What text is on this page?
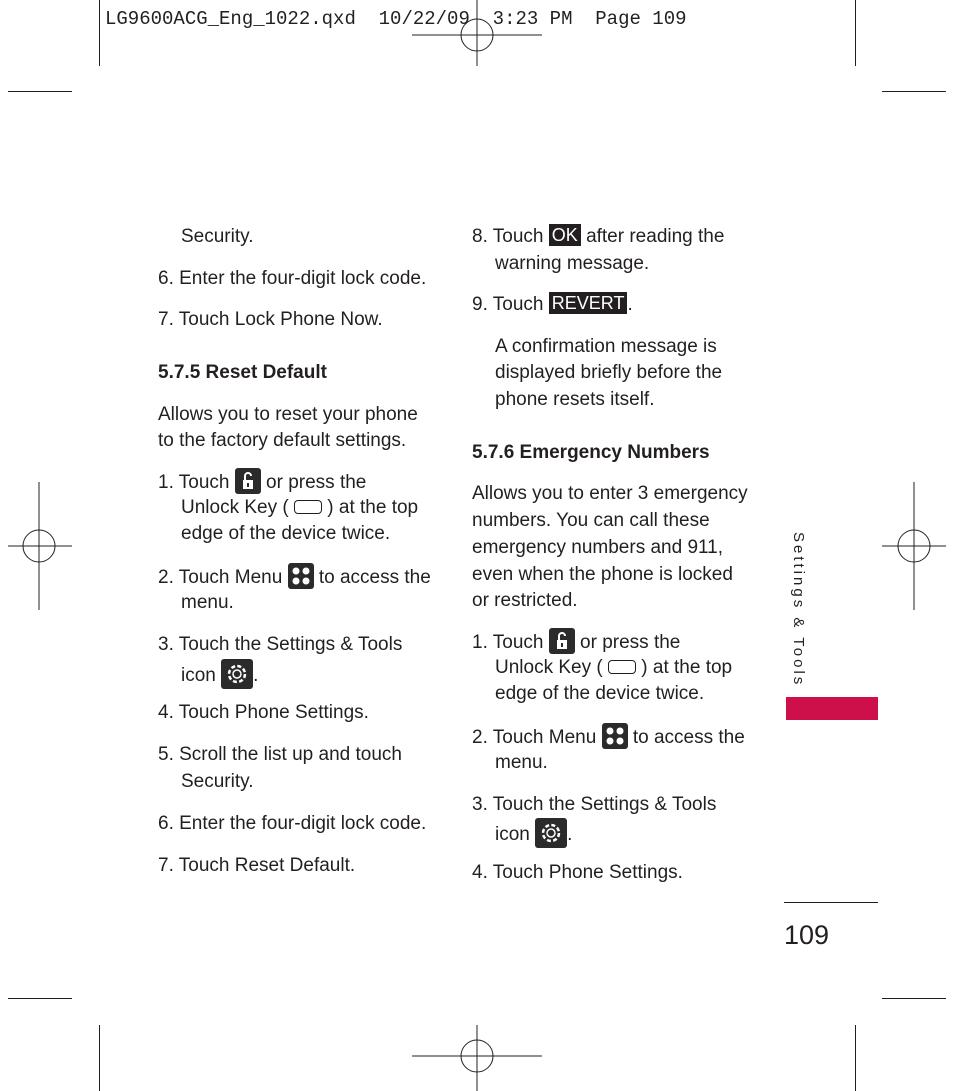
LG9600ACG_Eng_1022.qxd  10/22/09  3:23 PM  Page 109
Security.
6. Enter the four-digit lock code.
7. Touch Lock Phone Now.
5.7.5 Reset Default
Allows you to reset your phone
to the factory default settings.
1. Touch or press the
Unlock Key ( ) at the top
edge of the device twice.
2. Touch Menu to access the
menu.
3. Touch the Settings & Tools
icon .
4. Touch Phone Settings.
5. Scroll the list up and touch
Security.
6. Enter the four-digit lock code.
7. Touch Reset Default.
8. Touch OK after reading the
warning message.
9. Touch REVERT .
A confirmation message is
displayed briefly before the
phone resets itself.
5.7.6 Emergency Numbers
Allows you to enter 3 emergency
numbers. You can call these
emergency numbers and 911,
even when the phone is locked
or restricted.
1. Touch or press the
Unlock Key ( ) at the top
edge of the device twice.
2. Touch Menu to access the
menu.
3. Touch the Settings & Tools
icon .
4. Touch Phone Settings.
Settings & Tools
109
